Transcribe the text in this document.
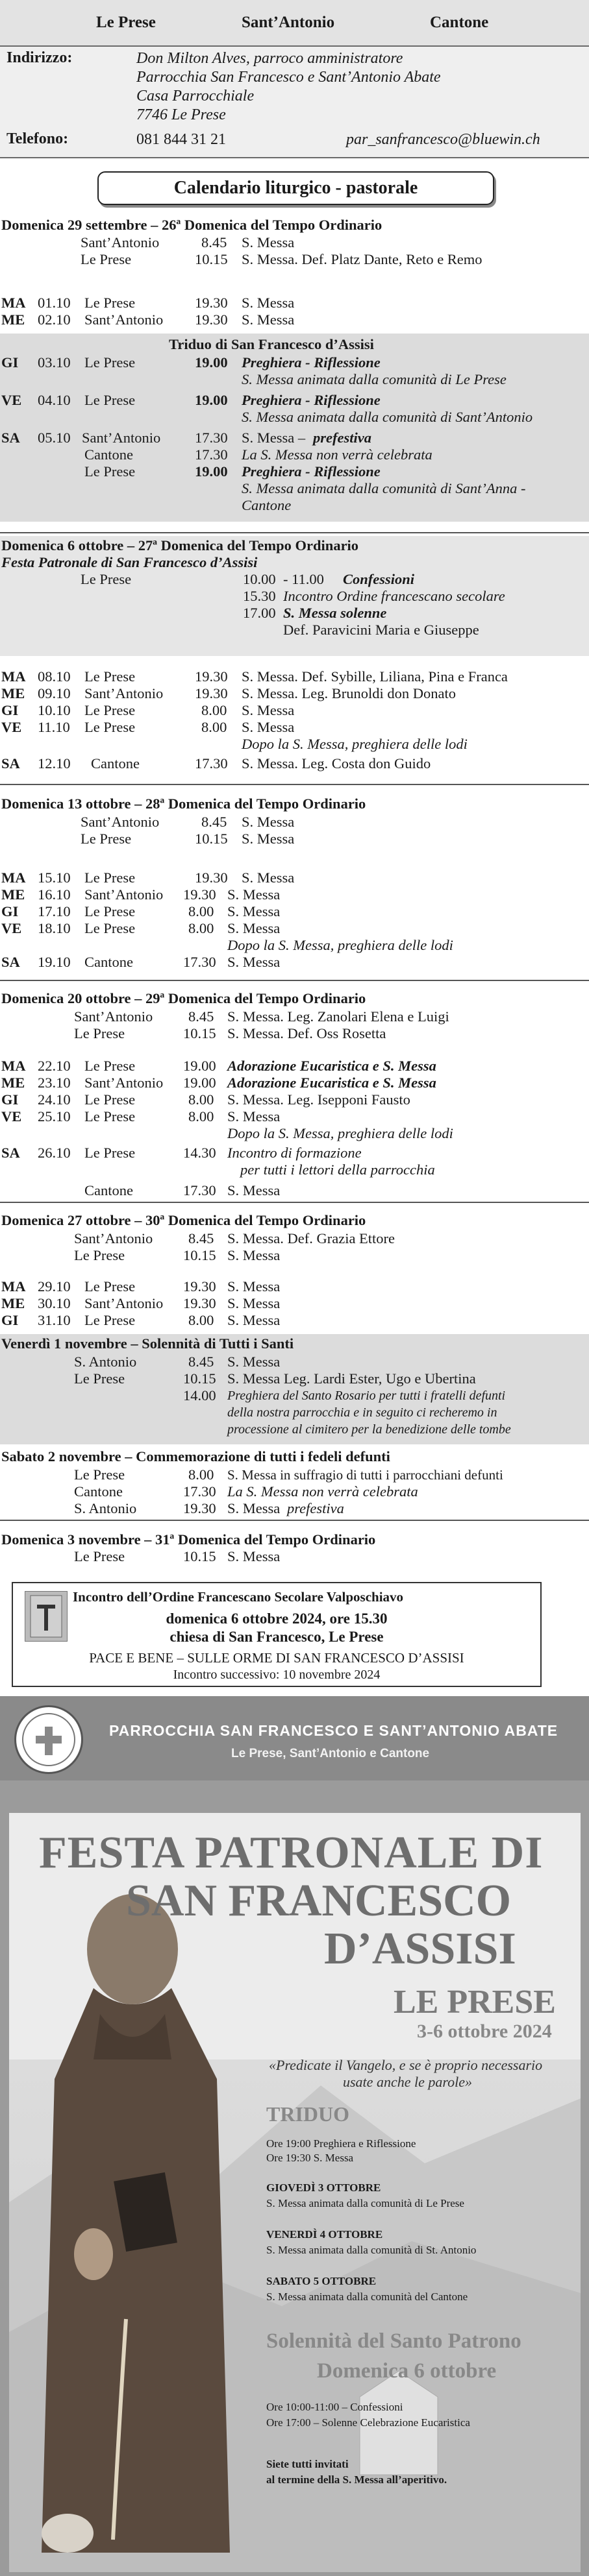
Le Prese	Sant’Antonio	Cantone
Indirizzo:	Don Milton Alves, parroco amministratore
Parrocchia San Francesco e Sant’Antonio Abate
Casa Parrocchiale
7746 Le Prese
Telefono:	081 844 31 21	par_sanfrancesco@bluewin.ch
Calendario liturgico - pastorale
Domenica 29 settembre – 26ª Domenica del Tempo Ordinario
Sant’Antonio	8.45 S. Messa
Le Prese	10.15 S. Messa. Def. Platz Dante, Reto e Remo
MA 01.10 Le Prese	19.30 S. Messa
ME 02.10 Sant’Antonio 19.30 S. Messa
Triduo di San Francesco d’Assisi
GI 03.10 Le Prese	19.00 Preghiera - Riflessione
S. Messa animata dalla comunità di Le Prese
VE 04.10 Le Prese	19.00 Preghiera - Riflessione
S. Messa animata dalla comunità di Sant’Antonio
SA 05.10 Sant’Antonio 17.30 S. Messa – prefestiva
Cantone	17.30 La S. Messa non verrà celebrata
Le Prese	19.00 Preghiera - Riflessione
S. Messa animata dalla comunità di Sant’Anna -
Cantone
Domenica 6 ottobre – 27ª Domenica del Tempo Ordinario
Festa Patronale di San Francesco d’Assisi
Le Prese	10.00 - 11.00 Confessioni
15.30 Incontro Ordine francescano secolare
17.00 S. Messa solenne
Def. Paravicini Maria e Giuseppe
MA 08.10 Le Prese	19.30 S. Messa. Def. Sybille, Liliana, Pina e Franca
ME 09.10 Sant’Antonio 19.30 S. Messa. Leg. Brunoldi don Donato
GI 10.10 Le Prese	8.00 S. Messa
VE 11.10 Le Prese	8.00 S. Messa
Dopo la S. Messa, preghiera delle lodi
SA 12.10 Cantone	17.30 S. Messa. Leg. Costa don Guido
Domenica 13 ottobre – 28ª Domenica del Tempo Ordinario
Sant’Antonio	8.45 S. Messa
Le Prese	10.15 S. Messa
MA 15.10 Le Prese	19.30 S. Messa
ME 16.10 Sant’Antonio 19.30 S. Messa
GI 17.10 Le Prese	8.00 S. Messa
VE 18.10 Le Prese	8.00 S. Messa
Dopo la S. Messa, preghiera delle lodi
SA 19.10 Cantone	17.30 S. Messa
Domenica 20 ottobre – 29ª Domenica del Tempo Ordinario
Sant’Antonio 8.45 S. Messa. Leg. Zanolari Elena e Luigi
Le Prese	10.15 S. Messa. Def. Oss Rosetta
MA 22.10 Le Prese	19.00 Adorazione Eucaristica e S. Messa
ME 23.10 Sant’Antonio 19.00 Adorazione Eucaristica e S. Messa
GI 24.10 Le Prese	8.00 S. Messa. Leg. Isepponi Fausto
VE 25.10 Le Prese	8.00 S. Messa
Dopo la S. Messa, preghiera delle lodi
SA 26.10 Le Prese	14.30 Incontro di formazione
per tutti i lettori della parrocchia
Cantone	17.30 S. Messa
Domenica 27 ottobre – 30ª Domenica del Tempo Ordinario
Sant’Antonio 8.45 S. Messa. Def. Grazia Ettore
Le Prese	10.15 S. Messa
MA 29.10 Le Prese	19.30 S. Messa
ME 30.10 Sant’Antonio 19.30 S. Messa
GI 31.10 Le Prese	8.00 S. Messa
Venerdì 1 novembre – Solennità di Tutti i Santi
S. Antonio	8.45 S. Messa
Le Prese	10.15 S. Messa Leg. Lardi Ester, Ugo e Ubertina
14.00 Preghiera del Santo Rosario per tutti i fratelli defunti
della nostra parrocchia e in seguito ci recheremo in
processione al cimitero per la benedizione delle tombe
Sabato 2 novembre – Commemorazione di tutti i fedeli defunti
Le Prese	8.00 S. Messa in suffragio di tutti i parrocchiani defunti
Cantone	17.30 La S. Messa non verrà celebrata
S. Antonio	19.30 S. Messa prefestiva
Domenica 3 novembre – 31ª Domenica del Tempo Ordinario
Le Prese	10.15 S. Messa
Incontro dell’Ordine Francescano Secolare Valposchiavo
domenica 6 ottobre 2024, ore 15.30
chiesa di San Francesco, Le Prese
PACE E BENE – SULLE ORME DI SAN FRANCESCO D’ASSISI
Incontro successivo: 10 novembre 2024
PARROCCHIA SAN FRANCESCO E SANT’ANTONIO ABATE
Le Prese, Sant’Antonio e Cantone
FESTA PATRONALE DI
SAN FRANCESCO
D’ASSISI
LE PRESE
3-6 ottobre 2024
«Predicate il Vangelo, e se è proprio necessario
usate anche le parole»
TRIDUO
Ore 19:00 Preghiera e Riflessione
Ore 19:30 S. Messa
GIOVEDÌ 3 OTTOBRE
S. Messa animata dalla comunità di Le Prese
VENERDÌ 4 OTTOBRE
S. Messa animata dalla comunità di St. Antonio
SABATO 5 OTTOBRE
S. Messa animata dalla comunità del Cantone
Solennità del Santo Patrono
Domenica 6 ottobre
Ore 10:00-11:00 – Confessioni
Ore 17:00 – Solenne Celebrazione Eucaristica
Siete tutti invitati
al termine della S. Messa all’aperitivo.
